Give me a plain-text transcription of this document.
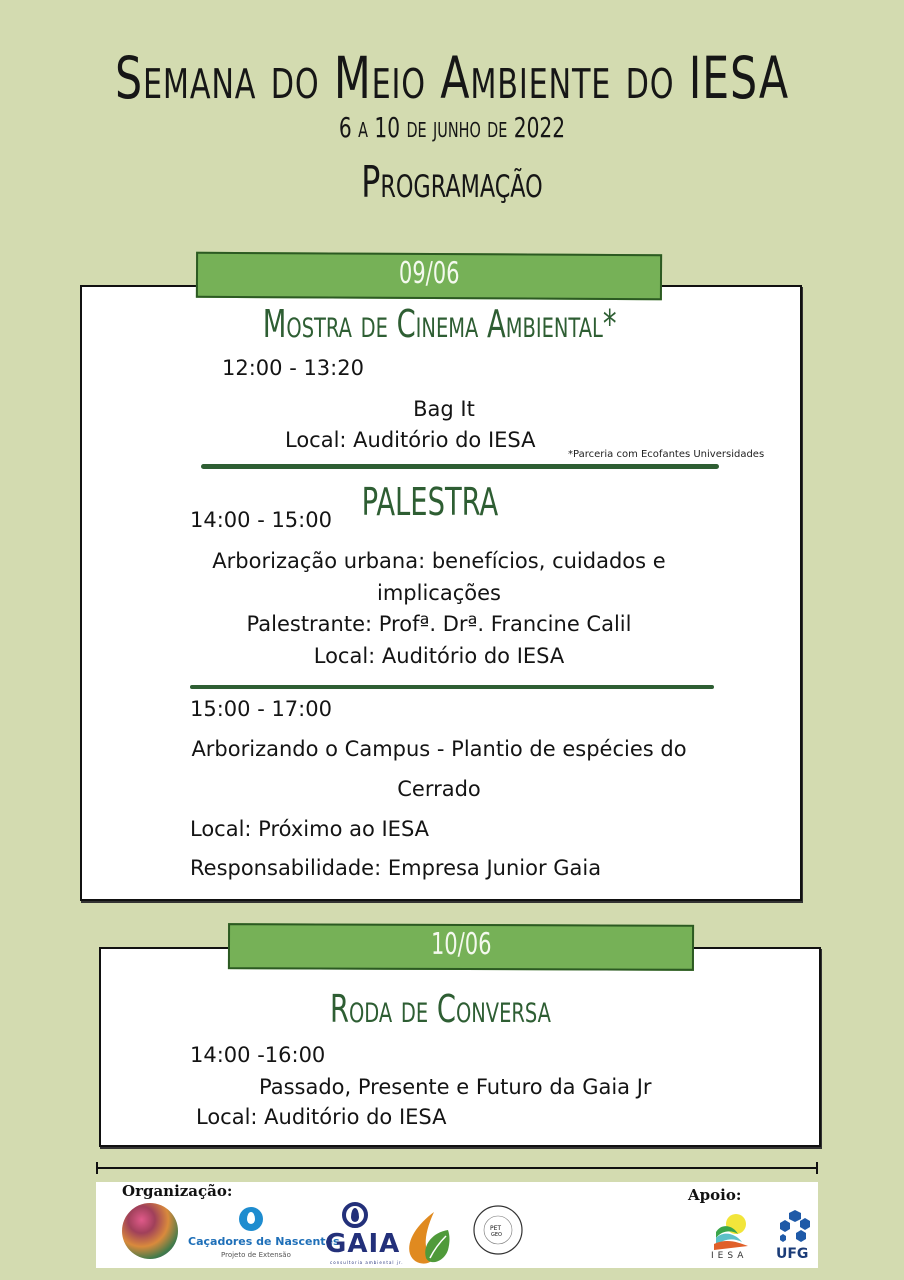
Semana do Meio Ambiente do IESA
6 a 10 de junho de 2022
Programação
09/06
Mostra de Cinema Ambiental*
12:00 - 13:20
Bag It
Local: Auditório do IESA
*Parceria com Ecofantes Universidades
PALESTRA
14:00 - 15:00
Arborização urbana: benefícios, cuidados e
implicações
Palestrante: Profª. Drª. Francine Calil
Local: Auditório do IESA
15:00 - 17:00
Arborizando o Campus - Plantio de espécies do
Cerrado
Local: Próximo ao IESA
Responsabilidade: Empresa Junior Gaia
10/06
Roda de Conversa
14:00 -16:00
Passado, Presente e Futuro da Gaia Jr
Local: Auditório do IESA
Organização:	Apoio:
Caçadores de Nascentes
Projeto de Extensão GAIA
consultoria ambiental jr.
PET
GEO
IESA UFG
